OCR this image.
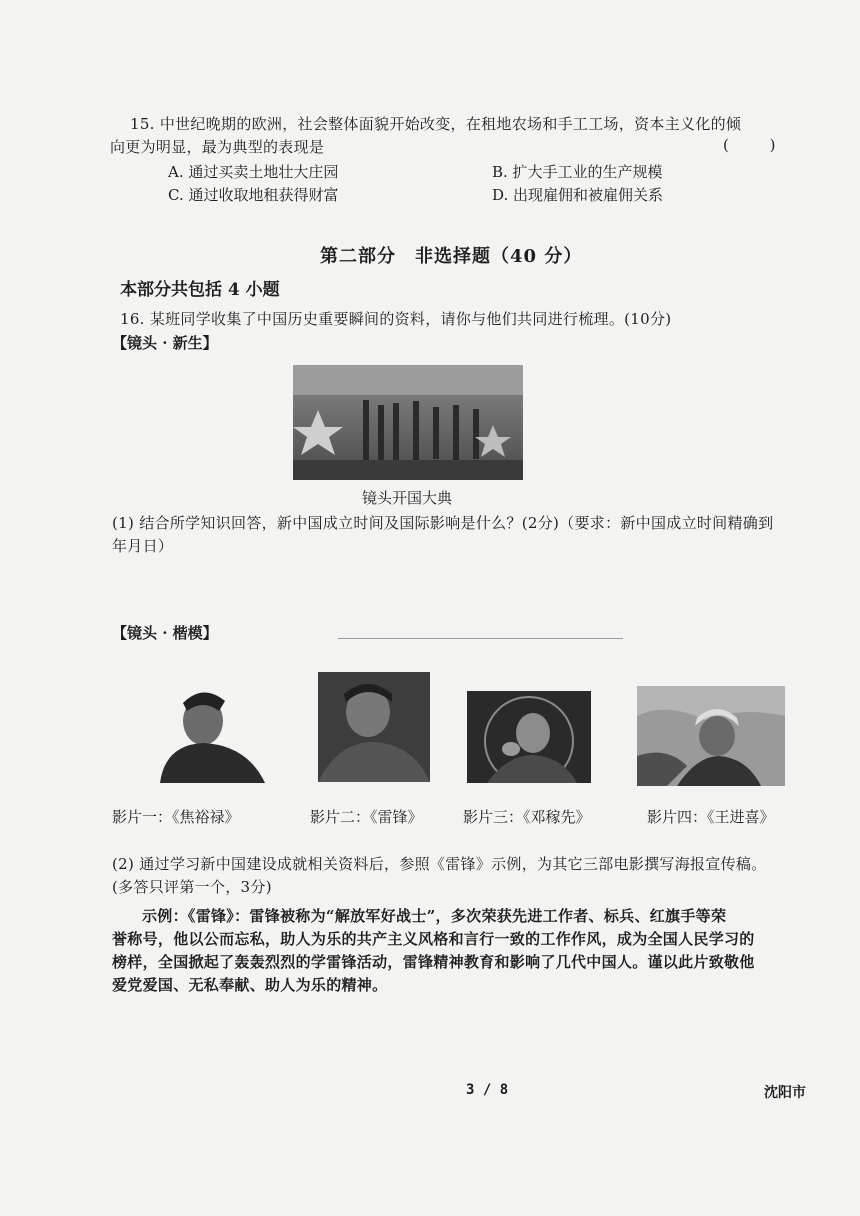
15. 中世纪晚期的欧洲，社会整体面貌开始改变，在租地农场和手工工场，资本主义化的倾
向更为明显，最为典型的表现是	( )
A. 通过买卖土地壮大庄园	B. 扩大手工业的生产规模
C. 通过收取地租获得财富	D. 出现雇佣和被雇佣关系
第二部分　非选择题（40 分）
本部分共包括 4 小题
16. 某班同学收集了中国历史重要瞬间的资料，请你与他们共同进行梳理。(10分)
【镜头 · 新生】
镜头开国大典
(1) 结合所学知识回答，新中国成立时间及国际影响是什么？(2分)（要求：新中国成立时间精确到
年月日）
【镜头 · 楷模】
影片一：《焦裕禄》	影片二：《雷锋》	影片三：《邓稼先》	影片四：《王进喜》
(2) 通过学习新中国建设成就相关资料后，参照《雷锋》示例，为其它三部电影撰写海报宣传稿。
(多答只评第一个，3分)
示例：《雷锋》：雷锋被称为“解放军好战士”，多次荣获先进工作者、标兵、红旗手等荣
誉称号，他以公而忘私，助人为乐的共产主义风格和言行一致的工作作风，成为全国人民学习的
榜样，全国掀起了轰轰烈烈的学雷锋活动，雷锋精神教育和影响了几代中国人。谨以此片致敬他
爱党爱国、无私奉献、助人为乐的精神。
3 / 8	沈阳市
